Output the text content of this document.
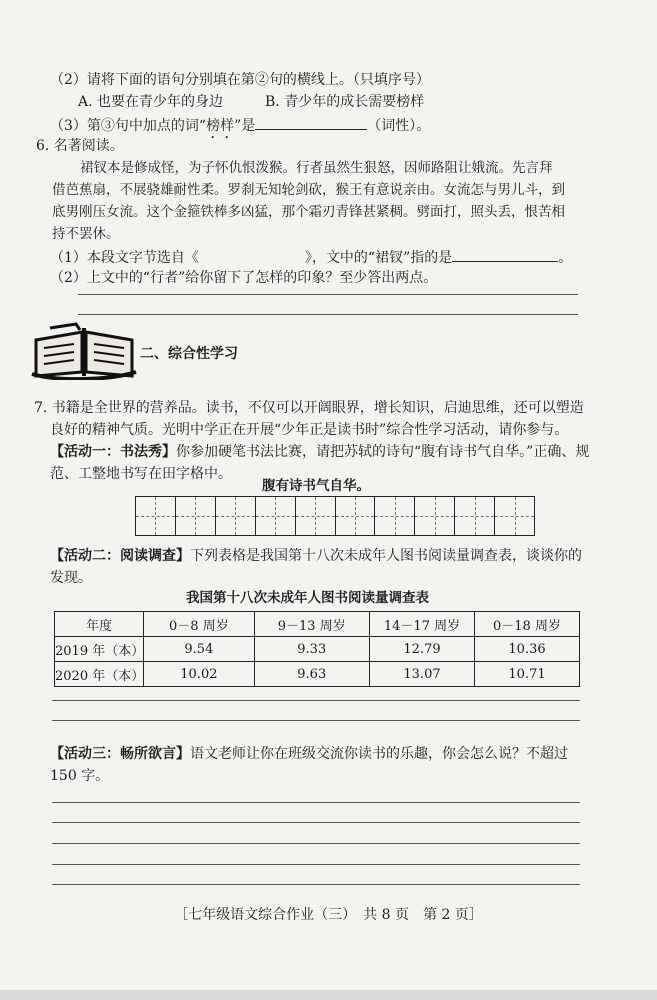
（2）请将下面的语句分别填在第②句的横线上。（只填序号）
A. 也要在青少年的身边	B. 青少年的成长需要榜样
（3）第③句中加点的词“榜样”是	（词性）。
6. 名著阅读。
裙钗本是修成怪，为子怀仇恨泼猴。行者虽然生狠怒，因师路阻让娥流。先言拜
借芭蕉扇，不展骁雄耐性柔。罗刹无知轮剑砍，猴王有意说亲由。女流怎与男儿斗，到
底男刚压女流。这个金箍铁棒多凶猛，那个霜刃青锋甚紧稠。劈面打，照头丢，恨苦相
持不罢休。
（1）本段文字节选自《	》，文中的“裙钗”指的是	。
（2）上文中的“行者”给你留下了怎样的印象？至少答出两点。
二、综合性学习
7. 书籍是全世界的营养品。读书，不仅可以开阔眼界，增长知识，启迪思维，还可以塑造
良好的精神气质。光明中学正在开展“少年正是读书时”综合性学习活动，请你参与。
【活动一：书法秀】你参加硬笔书法比赛，请把苏轼的诗句“腹有诗书气自华。”正确、规
范、工整地书写在田字格中。
腹有诗书气自华。
【活动二：阅读调查】下列表格是我国第十八次未成年人图书阅读量调查表，谈谈你的
发现。
我国第十八次未成年人图书阅读量调查表
年度	0－8 周岁	9－13 周岁	14－17 周岁	0－18 周岁
2019 年（本）	9.54	9.33	12.79	10.36
2020 年（本）	10.02	9.63	13.07	10.71
【活动三：畅所欲言】语文老师让你在班级交流你读书的乐趣，你会怎么说？不超过
150 字。
［七年级语文综合作业（三）　共 8 页　第 2 页］
